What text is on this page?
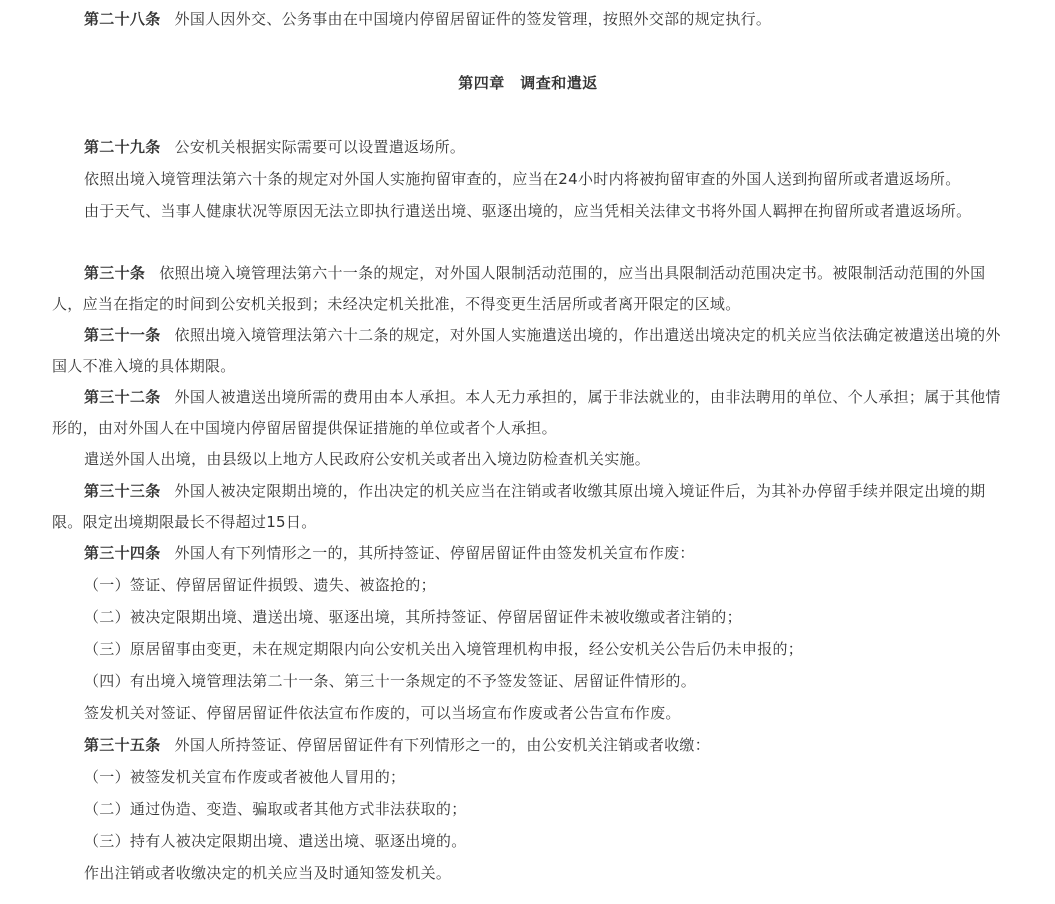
第二十八条 外国人因外交、公务事由在中国境内停留居留证件的签发管理，按照外交部的规定执行。

第四章　调查和遣返

第二十九条 公安机关根据实际需要可以设置遣返场所。

依照出境入境管理法第六十条的规定对外国人实施拘留审查的，应当在24小时内将被拘留审查的外国人送到拘留所或者遣返场所。

由于天气、当事人健康状况等原因无法立即执行遣送出境、驱逐出境的，应当凭相关法律文书将外国人羁押在拘留所或者遣返场所。

第三十条 依照出境入境管理法第六十一条的规定，对外国人限制活动范围的，应当出具限制活动范围决定书。被限制活动范围的外国人，应当在指定的时间到公安机关报到；未经决定机关批准，不得变更生活居所或者离开限定的区域。

第三十一条 依照出境入境管理法第六十二条的规定，对外国人实施遣送出境的，作出遣送出境决定的机关应当依法确定被遣送出境的外国人不准入境的具体期限。

第三十二条 外国人被遣送出境所需的费用由本人承担。本人无力承担的，属于非法就业的，由非法聘用的单位、个人承担；属于其他情形的，由对外国人在中国境内停留居留提供保证措施的单位或者个人承担。

遣送外国人出境，由县级以上地方人民政府公安机关或者出入境边防检查机关实施。

第三十三条 外国人被决定限期出境的，作出决定的机关应当在注销或者收缴其原出境入境证件后，为其补办停留手续并限定出境的期限。限定出境期限最长不得超过15日。

第三十四条 外国人有下列情形之一的，其所持签证、停留居留证件由签发机关宣布作废：

（一）签证、停留居留证件损毁、遗失、被盗抢的；

（二）被决定限期出境、遣送出境、驱逐出境，其所持签证、停留居留证件未被收缴或者注销的；

（三）原居留事由变更，未在规定期限内向公安机关出入境管理机构申报，经公安机关公告后仍未申报的；

（四）有出境入境管理法第二十一条、第三十一条规定的不予签发签证、居留证件情形的。

签发机关对签证、停留居留证件依法宣布作废的，可以当场宣布作废或者公告宣布作废。

第三十五条 外国人所持签证、停留居留证件有下列情形之一的，由公安机关注销或者收缴：

（一）被签发机关宣布作废或者被他人冒用的；

（二）通过伪造、变造、骗取或者其他方式非法获取的；

（三）持有人被决定限期出境、遣送出境、驱逐出境的。

作出注销或者收缴决定的机关应当及时通知签发机关。
